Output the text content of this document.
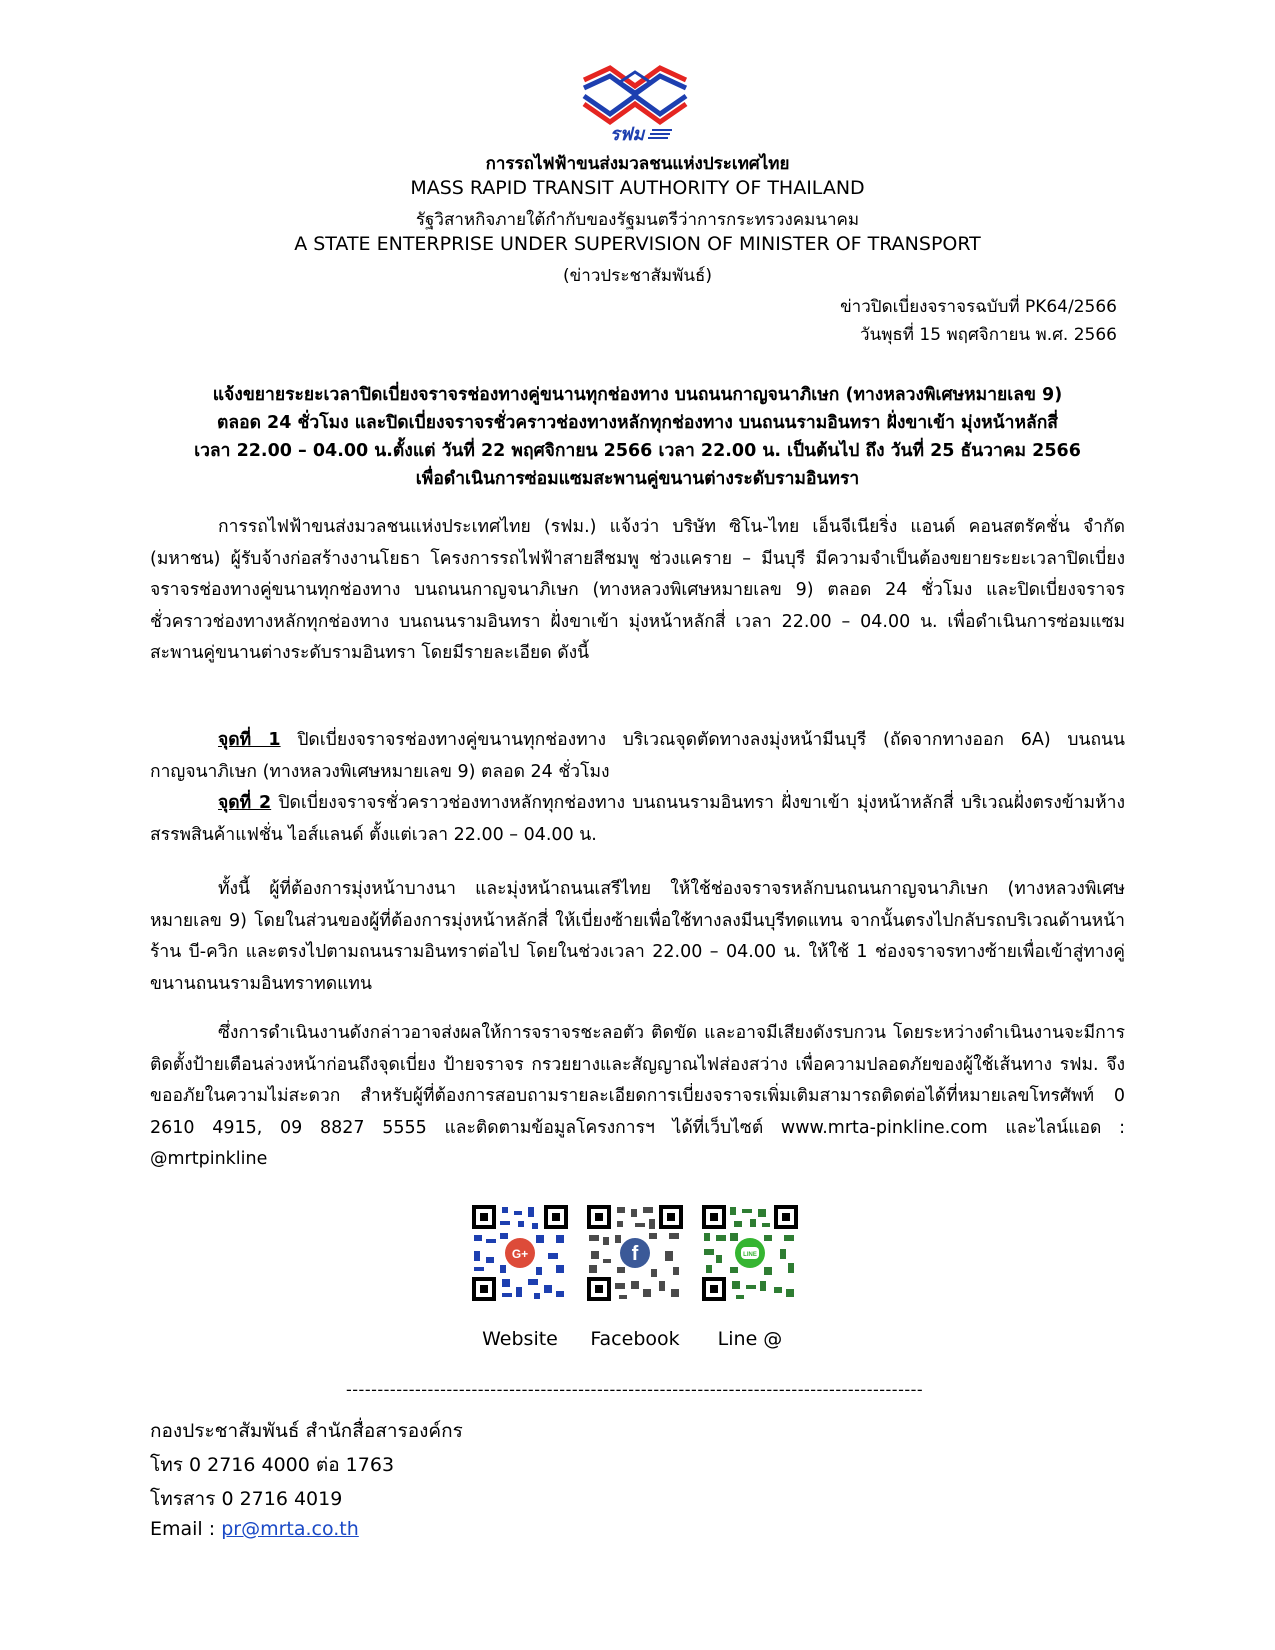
รฟม
การรถไฟฟ้าขนส่งมวลชนแห่งประเทศไทย
MASS RAPID TRANSIT AUTHORITY OF THAILAND
รัฐวิสาหกิจภายใต้กำกับของรัฐมนตรีว่าการกระทรวงคมนาคม
A STATE ENTERPRISE UNDER SUPERVISION OF MINISTER OF TRANSPORT
(ข่าวประชาสัมพันธ์)
ข่าวปิดเบี่ยงจราจรฉบับที่ PK64/2566
วันพุธที่ 15 พฤศจิกายน พ.ศ. 2566
แจ้งขยายระยะเวลาปิดเบี่ยงจราจรช่องทางคู่ขนานทุกช่องทาง บนถนนกาญจนาภิเษก (ทางหลวงพิเศษหมายเลข 9)
ตลอด 24 ชั่วโมง และปิดเบี่ยงจราจรชั่วคราวช่องทางหลักทุกช่องทาง บนถนนรามอินทรา ฝั่งขาเข้า มุ่งหน้าหลักสี่
เวลา 22.00 – 04.00 น.ตั้งแต่ วันที่ 22 พฤศจิกายน 2566 เวลา 22.00 น. เป็นต้นไป ถึง วันที่ 25 ธันวาคม 2566
เพื่อดำเนินการซ่อมแซมสะพานคู่ขนานต่างระดับรามอินทรา
การรถไฟฟ้าขนส่งมวลชนแห่งประเทศไทย (รฟม.) แจ้งว่า บริษัท ซิโน-ไทย เอ็นจีเนียริ่ง แอนด์ คอนสตรัคชั่น จำกัด (มหาชน) ผู้รับจ้างก่อสร้างงานโยธา โครงการรถไฟฟ้าสายสีชมพู ช่วงแคราย – มีนบุรี มีความจำเป็นต้องขยายระยะเวลาปิดเบี่ยงจราจรช่องทางคู่ขนานทุกช่องทาง บนถนนกาญจนาภิเษก (ทางหลวงพิเศษหมายเลข 9) ตลอด 24 ชั่วโมง และปิดเบี่ยงจราจรชั่วคราวช่องทางหลักทุกช่องทาง บนถนนรามอินทรา ฝั่งขาเข้า มุ่งหน้าหลักสี่ เวลา 22.00 – 04.00 น. เพื่อดำเนินการซ่อมแซมสะพานคู่ขนานต่างระดับรามอินทรา โดยมีรายละเอียด ดังนี้
จุดที่ 1 ปิดเบี่ยงจราจรช่องทางคู่ขนานทุกช่องทาง บริเวณจุดตัดทางลงมุ่งหน้ามีนบุรี (ถัดจากทางออก 6A) บนถนนกาญจนาภิเษก (ทางหลวงพิเศษหมายเลข 9) ตลอด 24 ชั่วโมง
จุดที่ 2 ปิดเบี่ยงจราจรชั่วคราวช่องทางหลักทุกช่องทาง บนถนนรามอินทรา ฝั่งขาเข้า มุ่งหน้าหลักสี่ บริเวณฝั่งตรงข้ามห้างสรรพสินค้าแฟชั่น ไอส์แลนด์ ตั้งแต่เวลา 22.00 – 04.00 น.
ทั้งนี้ ผู้ที่ต้องการมุ่งหน้าบางนา และมุ่งหน้าถนนเสรีไทย ให้ใช้ช่องจราจรหลักบนถนนกาญจนาภิเษก (ทางหลวงพิเศษหมายเลข 9) โดยในส่วนของผู้ที่ต้องการมุ่งหน้าหลักสี่ ให้เบี่ยงซ้ายเพื่อใช้ทางลงมีนบุรีทดแทน จากนั้นตรงไปกลับรถบริเวณด้านหน้าร้าน บี-ควิก และตรงไปตามถนนรามอินทราต่อไป โดยในช่วงเวลา 22.00 – 04.00 น. ให้ใช้ 1 ช่องจราจรทางซ้ายเพื่อเข้าสู่ทางคู่ขนานถนนรามอินทราทดแทน
ซึ่งการดำเนินงานดังกล่าวอาจส่งผลให้การจราจรชะลอตัว ติดขัด และอาจมีเสียงดังรบกวน โดยระหว่างดำเนินงานจะมีการติดตั้งป้ายเตือนล่วงหน้าก่อนถึงจุดเบี่ยง ป้ายจราจร กรวยยางและสัญญาณไฟส่องสว่าง เพื่อความปลอดภัยของผู้ใช้เส้นทาง รฟม. จึงขออภัยในความไม่สะดวก สำหรับผู้ที่ต้องการสอบถามรายละเอียดการเบี่ยงจราจรเพิ่มเติมสามารถติดต่อได้ที่หมายเลขโทรศัพท์ 0 2610 4915, 09 8827 5555 และติดตามข้อมูลโครงการฯ ได้ที่เว็บไซต์ www.mrta-pinkline.com และไลน์แอด : @mrtpinkline
G+	f	LINE
Website	Facebook	Line @
--------------------------------------------------------------------------------------------
กองประชาสัมพันธ์ สำนักสื่อสารองค์กร
โทร 0 2716 4000 ต่อ 1763
โทรสาร 0 2716 4019
Email : pr@mrta.co.th
